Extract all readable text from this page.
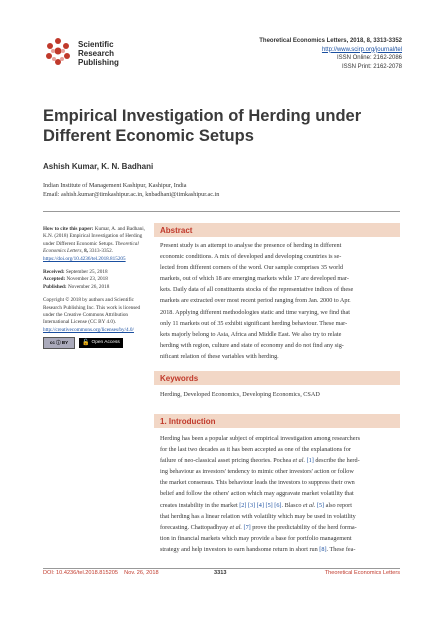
Scientific
Research
Publishing
Theoretical Economics Letters, 2018, 8, 3313-3352
http://www.scirp.org/journal/tel
ISSN Online: 2162-2086
ISSN Print: 2162-2078
Empirical Investigation of Herding under
Different Economic Setups
Ashish Kumar, K. N. Badhani
Indian Institute of Management Kashipur, Kashipur, India
Email: ashish.kumar@iimkashipur.ac.in, knbadhani@iimkashipur.ac.in

How to cite this paper: Kumar, A. and Badhani, K.N. (2018) Empirical Investigation of Herding under Different Economic Setups. Theoretical Economics Letters, 8, 3313-3352. https://doi.org/10.4236/tel.2018.815205

Received: September 25, 2018
Accepted: November 23, 2018
Published: November 26, 2018

Copyright © 2018 by authors and Scientific Research Publishing Inc. This work is licensed under the Creative Commons Attribution International License (CC BY 4.0).
http://creativecommons.org/licenses/by/4.0/

cc ⓘ BY	🔓 Open Access
Abstract
Present study is an attempt to analyse the presence of herding in different
economic conditions. A mix of developed and developing countries is se-
lected from different corners of the word. Our sample comprises 35 world
markets, out of which 18 are emerging markets while 17 are developed mar-
kets. Daily data of all constituents stocks of the representative indices of these
markets are extracted over most recent period ranging from Jan. 2000 to Apr.
2018. Applying different methodologies static and time varying, we find that
only 11 markets out of 35 exhibit significant herding behaviour. These mar-
kets majorly belong to Asia, Africa and Middle East. We also try to relate
herding with region, culture and state of economy and do not find any sig-
nificant relation of these variables with herding.
Keywords
Herding, Developed Economics, Developing Economics, CSAD
1. Introduction
Herding has been a popular subject of empirical investigation among researchers
for the last two decades as it has been accepted as one of the explanations for
failure of neo-classical asset pricing theories. Pochea et al. [1] describe the herd-
ing behaviour as investors' tendency to mimic other investors' action or follow
the market consensus. This behaviour leads the investors to suppress their own
belief and follow the others' action which may aggravate market volatility that
creates instability in the market [2] [3] [4] [5] [6]. Blasco et al. [5] also report
that herding has a linear relation with volatility which may be used in volatility
forecasting. Chattopadhyay et al. [7] prove the predictability of the herd forma-
tion in financial markets which may provide a base for portfolio management
strategy and help investors to earn handsome return in short run [8]. These fea-
DOI: 10.4236/tel.2018.815205 Nov. 26, 2018	3313	Theoretical Economics Letters
